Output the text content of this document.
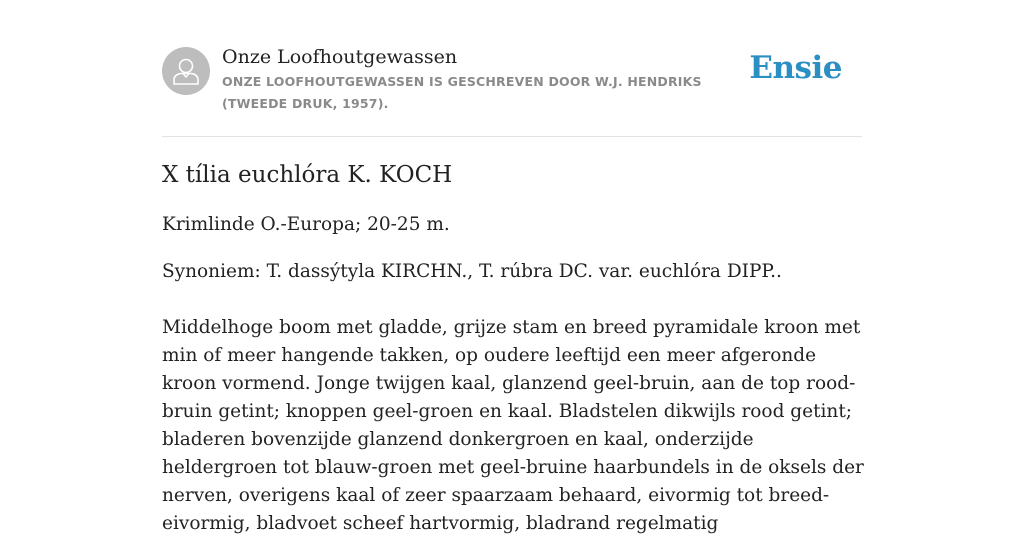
Onze Loofhoutgewassen
ONZE LOOFHOUTGEWASSEN IS GESCHREVEN DOOR W.J. HENDRIKS (TWEEDE DRUK, 1957).
Ensie
X tília euchlóra K. KOCH

Krimlinde O.-Europa; 20-25 m.

Synoniem: T. dassýtyla KIRCHN., T. rúbra DC. var. euchlóra DIPP..

Middelhoge boom met gladde, grijze stam en breed pyramidale kroon met min of meer hangende takken, op oudere leeftijd een meer afgeronde kroon vormend. Jonge twijgen kaal, glanzend geel-bruin, aan de top rood-bruin getint; knoppen geel-groen en kaal. Bladstelen dikwijls rood getint; bladeren bovenzijde glanzend donkergroen en kaal, onderzijde heldergroen tot blauw-groen met geel-bruine haarbundels in de oksels der nerven, overigens kaal of zeer spaarzaam behaard, eivormig tot breed-eivormig, bladvoet scheef hartvormig, bladrand regelmatig
